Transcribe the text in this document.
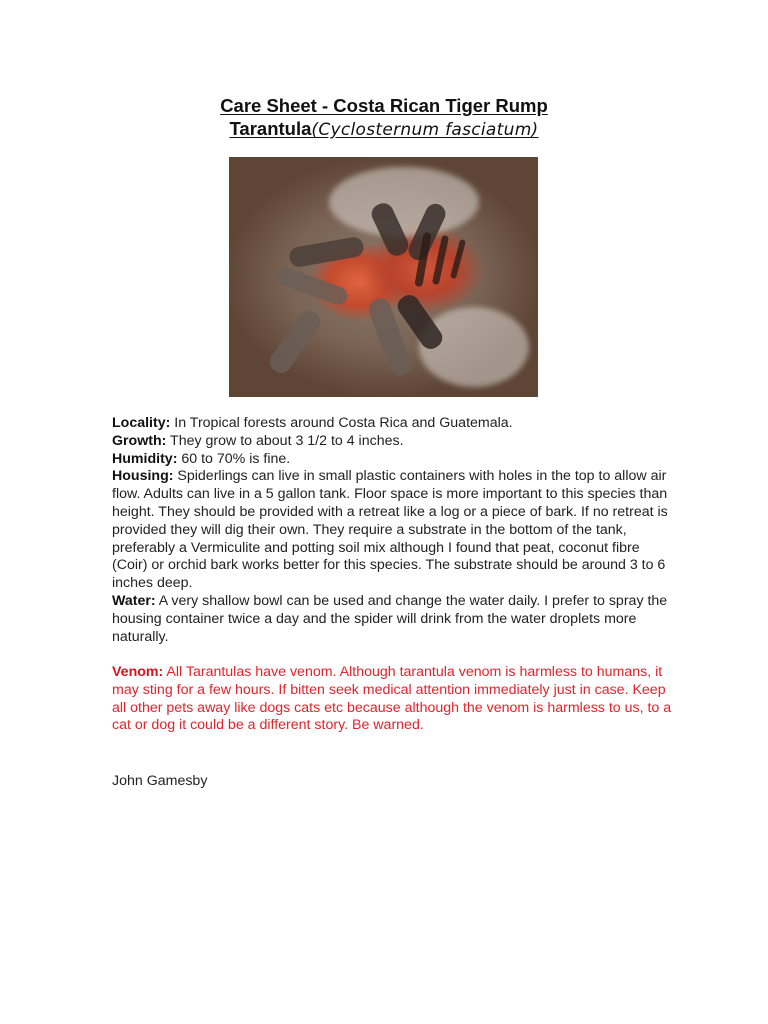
Care Sheet - Costa Rican Tiger Rump
Tarantula(Cyclosternum fasciatum)

Locality: In Tropical forests around Costa Rica and Guatemala.

Growth: They grow to about 3 1/2 to 4 inches.

Humidity: 60 to 70% is fine.

Housing: Spiderlings can live in small plastic containers with holes in the top to allow air flow. Adults can live in a 5 gallon tank. Floor space is more important to this species than height. They should be provided with a retreat like a log or a piece of bark. If no retreat is provided they will dig their own. They require a substrate in the bottom of the tank, preferably a Vermiculite and potting soil mix although I found that peat, coconut fibre (Coir) or orchid bark works better for this species. The substrate should be around 3 to 6 inches deep.

Water: A very shallow bowl can be used and change the water daily. I prefer to spray the housing container twice a day and the spider will drink from the water droplets more naturally.

Venom: All Tarantulas have venom. Although tarantula venom is harmless to humans, it may sting for a few hours. If bitten seek medical attention immediately just in case. Keep all other pets away like dogs cats etc because although the venom is harmless to us, to a cat or dog it could be a different story. Be warned.

John Gamesby
